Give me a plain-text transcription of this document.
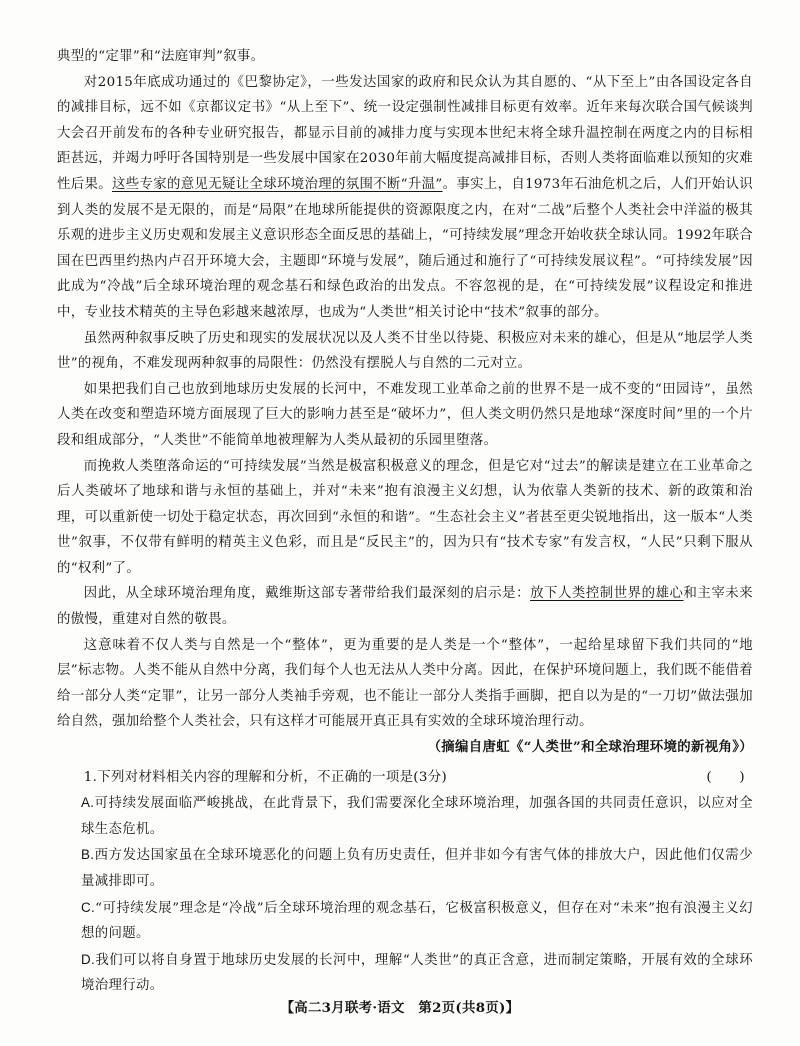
典型的“定罪”和“法庭审判”叙事。

对2015年底成功通过的《巴黎协定》，一些发达国家的政府和民众认为其自愿的、“从下至上”由各国设定各自的减排目标，远不如《京都议定书》“从上至下”、统一设定强制性减排目标更有效率。近年来每次联合国气候谈判大会召开前发布的各种专业研究报告，都显示目前的减排力度与实现本世纪末将全球升温控制在两度之内的目标相距甚远，并竭力呼吁各国特别是一些发展中国家在2030年前大幅度提高减排目标，否则人类将面临难以预知的灾难性后果。这些专家的意见无疑让全球环境治理的氛围不断“升温”。事实上，自1973年石油危机之后，人们开始认识到人类的发展不是无限的，而是“局限”在地球所能提供的资源限度之内，在对“二战”后整个人类社会中洋溢的极其乐观的进步主义历史观和发展主义意识形态全面反思的基础上，“可持续发展”理念开始收获全球认同。1992年联合国在巴西里约热内卢召开环境大会，主题即“环境与发展”，随后通过和施行了“可持续发展议程”。“可持续发展”因此成为“冷战”后全球环境治理的观念基石和绿色政治的出发点。不容忽视的是，在“可持续发展”议程设定和推进中，专业技术精英的主导色彩越来越浓厚，也成为“人类世”相关讨论中“技术”叙事的部分。

虽然两种叙事反映了历史和现实的发展状况以及人类不甘坐以待毙、积极应对未来的雄心，但是从“地层学人类世”的视角，不难发现两种叙事的局限性：仍然没有摆脱人与自然的二元对立。

如果把我们自己也放到地球历史发展的长河中，不难发现工业革命之前的世界不是一成不变的“田园诗”，虽然人类在改变和塑造环境方面展现了巨大的影响力甚至是“破坏力”，但人类文明仍然只是地球“深度时间”里的一个片段和组成部分，“人类世”不能简单地被理解为人类从最初的乐园里堕落。

而挽救人类堕落命运的“可持续发展”当然是极富积极意义的理念，但是它对“过去”的解读是建立在工业革命之后人类破坏了地球和谐与永恒的基础上，并对“未来”抱有浪漫主义幻想，认为依靠人类新的技术、新的政策和治理，可以重新使一切处于稳定状态，再次回到“永恒的和谐”。“生态社会主义”者甚至更尖锐地指出，这一版本“人类世”叙事，不仅带有鲜明的精英主义色彩，而且是“反民主”的，因为只有“技术专家”有发言权，“人民”只剩下服从的“权利”了。

因此，从全球环境治理角度，戴维斯这部专著带给我们最深刻的启示是：放下人类控制世界的雄心和主宰未来的傲慢，重建对自然的敬畏。

这意味着不仅人类与自然是一个“整体”，更为重要的是人类是一个“整体”，一起给星球留下我们共同的“地层”标志物。人类不能从自然中分离，我们每个人也无法从人类中分离。因此，在保护环境问题上，我们既不能借着给一部分人类“定罪”，让另一部分人类袖手旁观，也不能让一部分人类指手画脚，把自以为是的“一刀切”做法强加给自然，强加给整个人类社会，只有这样才可能展开真正具有实效的全球环境治理行动。

（摘编自唐虹《“人类世”和全球治理环境的新视角》）

1.下列对材料相关内容的理解和分析，不正确的一项是(3分)	(　　)

A.可持续发展面临严峻挑战，在此背景下，我们需要深化全球环境治理，加强各国的共同责任意识，以应对全球生态危机。

B.西方发达国家虽在全球环境恶化的问题上负有历史责任，但并非如今有害气体的排放大户，因此他们仅需少量减排即可。

C.“可持续发展”理念是“冷战”后全球环境治理的观念基石，它极富积极意义，但存在对“未来”抱有浪漫主义幻想的问题。

D.我们可以将自身置于地球历史发展的长河中，理解“人类世”的真正含意，进而制定策略，开展有效的全球环境治理行动。

【高二3月联考·语文　第2页(共8页)】
